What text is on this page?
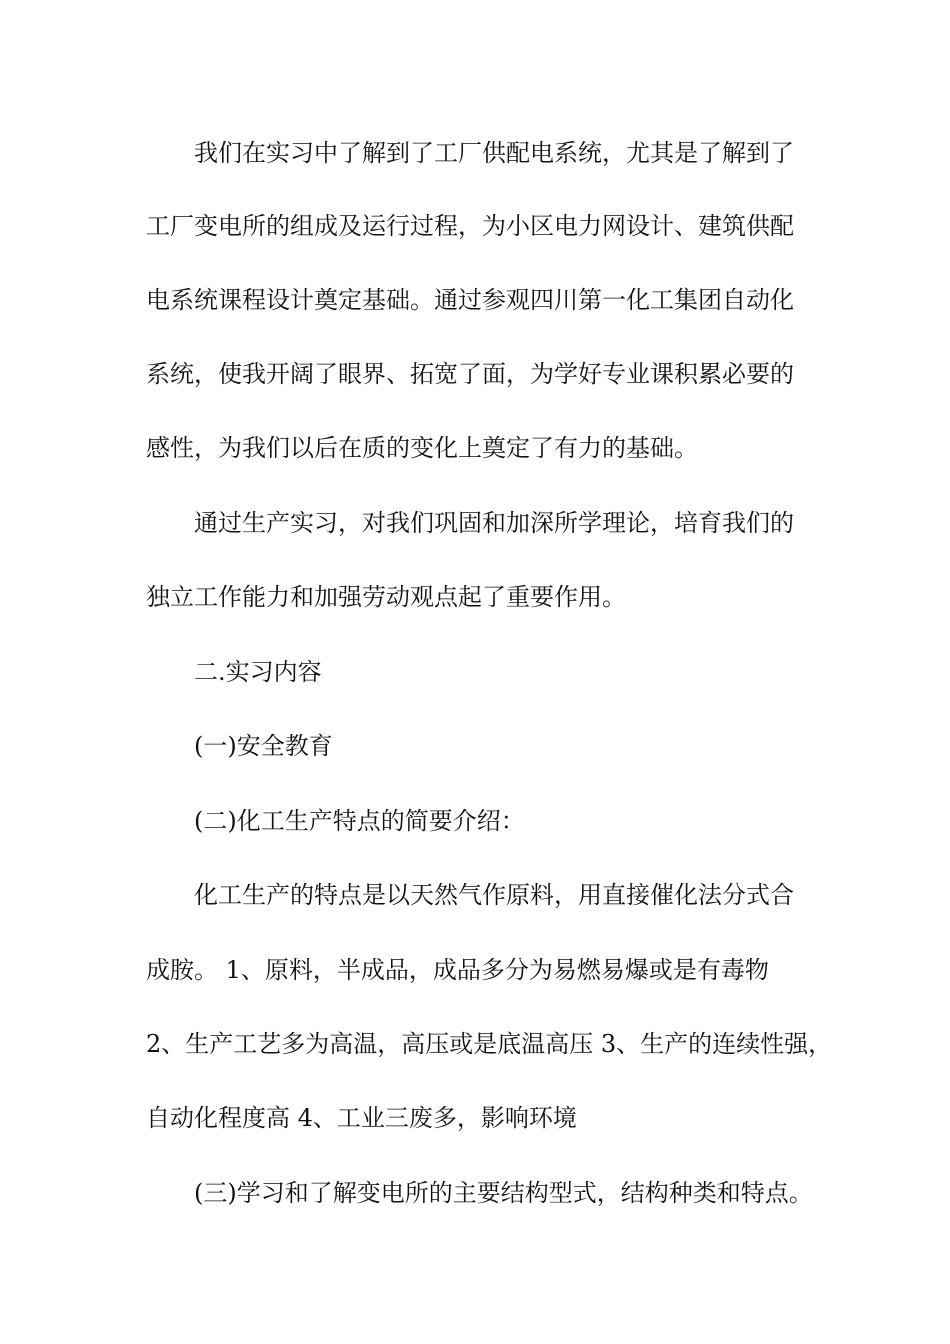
我们在实习中了解到了工厂供配电系统，尤其是了解到了
工厂变电所的组成及运行过程，为小区电力网设计、建筑供配
电系统课程设计奠定基础。通过参观四川第一化工集团自动化
系统，使我开阔了眼界、拓宽了面，为学好专业课积累必要的
感性，为我们以后在质的变化上奠定了有力的基础。
通过生产实习，对我们巩固和加深所学理论，培育我们的
独立工作能力和加强劳动观点起了重要作用。
二.实习内容
(一)安全教育
(二)化工生产特点的简要介绍：
化工生产的特点是以天然气作原料，用直接催化法分式合
成胺。 1、原料，半成品，成品多分为易燃易爆或是有毒物
2、生产工艺多为高温，高压或是底温高压 3、生产的连续性强，
自动化程度高 4、工业三废多，影响环境
(三)学习和了解变电所的主要结构型式，结构种类和特点。
